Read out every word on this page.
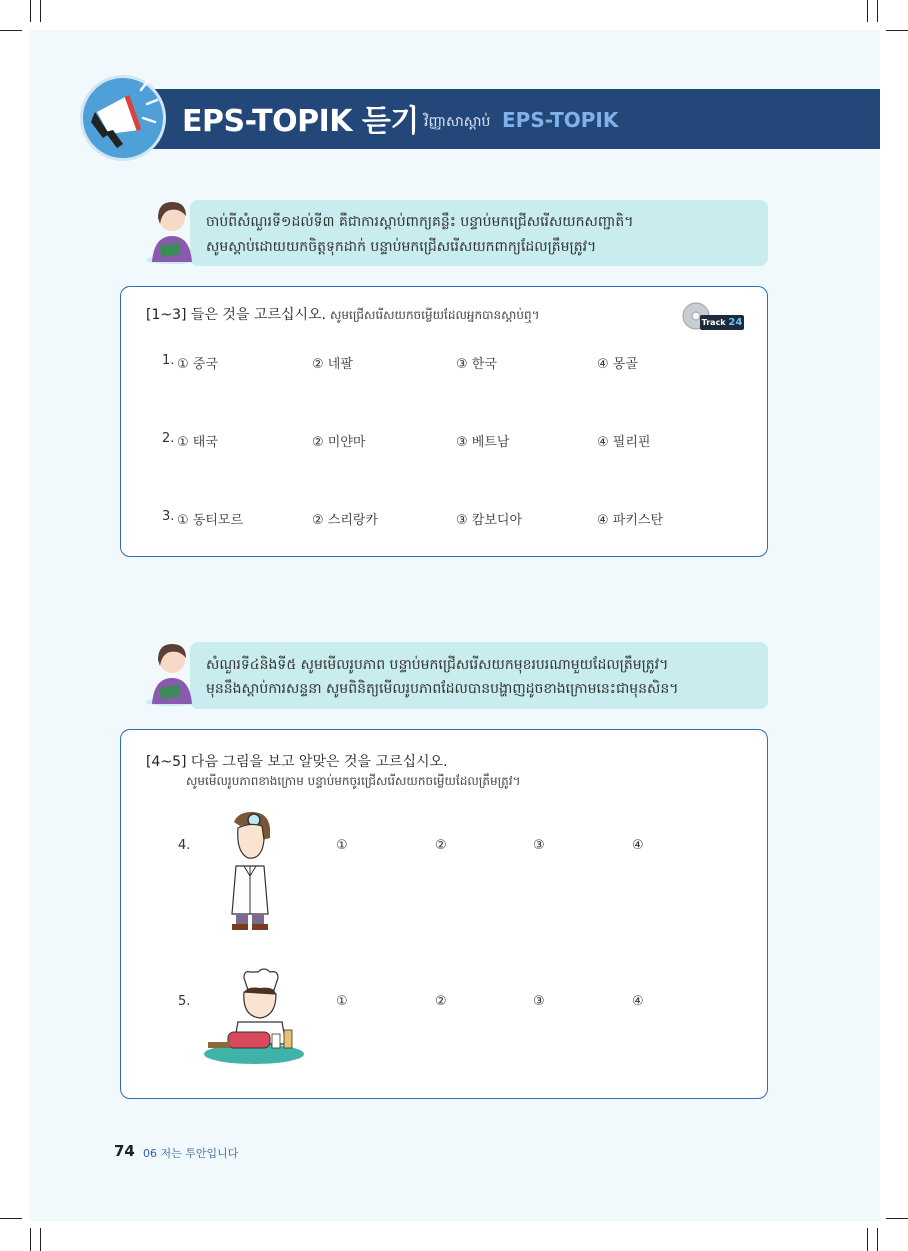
EPS-TOPIK 듣기 វិញ្ញាសាស្ដាប់ EPS-TOPIK
ចាប់ពីសំណួរទី១ដល់ទី៣ គឺជាការស្ដាប់ពាក្យគន្លឹះ បន្ទាប់មកជ្រើសរើសយកសញ្ជាតិ។
សូមស្ដាប់ដោយយកចិត្តទុកដាក់ បន្ទាប់មកជ្រើសរើសយកពាក្យដែលត្រឹមត្រូវ។
[1~3] 들은 것을 고르십시오. សូមជ្រើសរើសយកចម្លើយដែលអ្នកបានស្ដាប់ឮ។
Track 24
1. ① 중국	② 네팔	③ 한국	④ 몽골
2. ① 태국	② 미얀마	③ 베트남	④ 필리핀
3. ① 동티모르	② 스리랑카	③ 캄보디아	④ 파키스탄
សំណួរទី៤និងទី៥ សូមមើលរូបភាព បន្ទាប់មកជ្រើសរើសយកមុខរបរណាមួយដែលត្រឹមត្រូវ។
មុននឹងស្ដាប់ការសន្ទនា សូមពិនិត្យមើលរូបភាពដែលបានបង្ហាញដូចខាងក្រោមនេះជាមុនសិន។
[4~5] 다음 그림을 보고 알맞은 것을 고르십시오.
សូមមើលរូបភាពខាងក្រោម បន្ទាប់មកចូរជ្រើសរើសយកចម្លើយដែលត្រឹមត្រូវ។
4.	①	②	③	④
5.	①	②	③	④
74 06 저는 투안입니다
